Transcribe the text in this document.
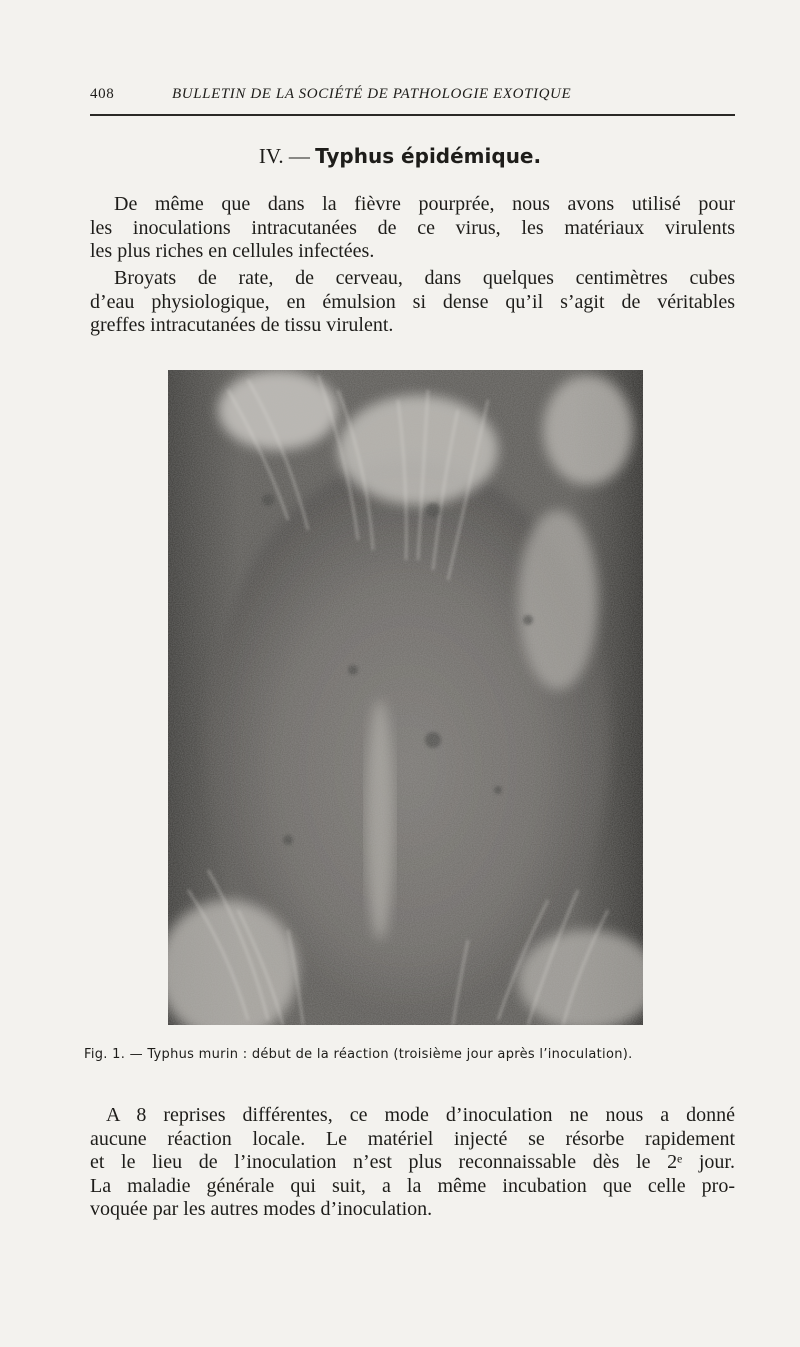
408	BULLETIN DE LA SOCIÉTÉ DE PATHOLOGIE EXOTIQUE
IV. — Typhus épidémique.

De même que dans la fièvre pourprée, nous avons utilisé pour
les inoculations intracutanées de ce virus, les matériaux virulents
les plus riches en cellules infectées.

Broyats de rate, de cerveau, dans quelques centimètres cubes
d’eau physiologique, en émulsion si dense qu’il s’agit de véritables
greffes intracutanées de tissu virulent.

Fig. 1. — Typhus murin : début de la réaction (troisième jour après l’inoculation).

A 8 reprises différentes, ce mode d’inoculation ne nous a donné
aucune réaction locale. Le matériel injecté se résorbe rapidement
et le lieu de l’inoculation n’est plus reconnaissable dès le 2ᵉ jour.
La maladie générale qui suit, a la même incubation que celle pro-
voquée par les autres modes d’inoculation.
